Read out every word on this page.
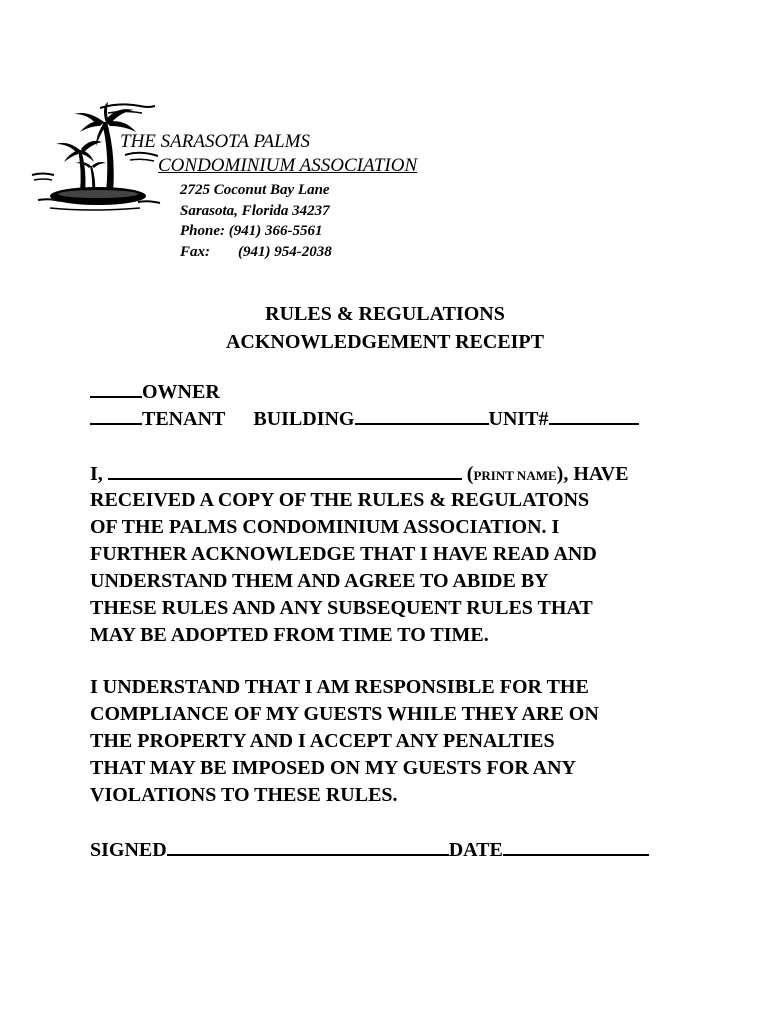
THE SARASOTA PALMS

CONDOMINIUM ASSOCIATION

2725 Coconut Bay Lane
Sarasota, Florida 34237
Phone: (941) 366-5561
Fax: (941) 954-2038
RULES & REGULATIONS
ACKNOWLEDGEMENT RECEIPT
OWNER
TENANT BUILDING	UNIT#
I,	(PRINT NAME), HAVE
RECEIVED A COPY OF THE RULES & REGULATONS
OF THE PALMS CONDOMINIUM ASSOCIATION. I
FURTHER ACKNOWLEDGE THAT I HAVE READ AND
UNDERSTAND THEM AND AGREE TO ABIDE BY
THESE RULES AND ANY SUBSEQUENT RULES THAT
MAY BE ADOPTED FROM TIME TO TIME.
I UNDERSTAND THAT I AM RESPONSIBLE FOR THE
COMPLIANCE OF MY GUESTS WHILE THEY ARE ON
THE PROPERTY AND I ACCEPT ANY PENALTIES
THAT MAY BE IMPOSED ON MY GUESTS FOR ANY
VIOLATIONS TO THESE RULES.
SIGNED	DATE
